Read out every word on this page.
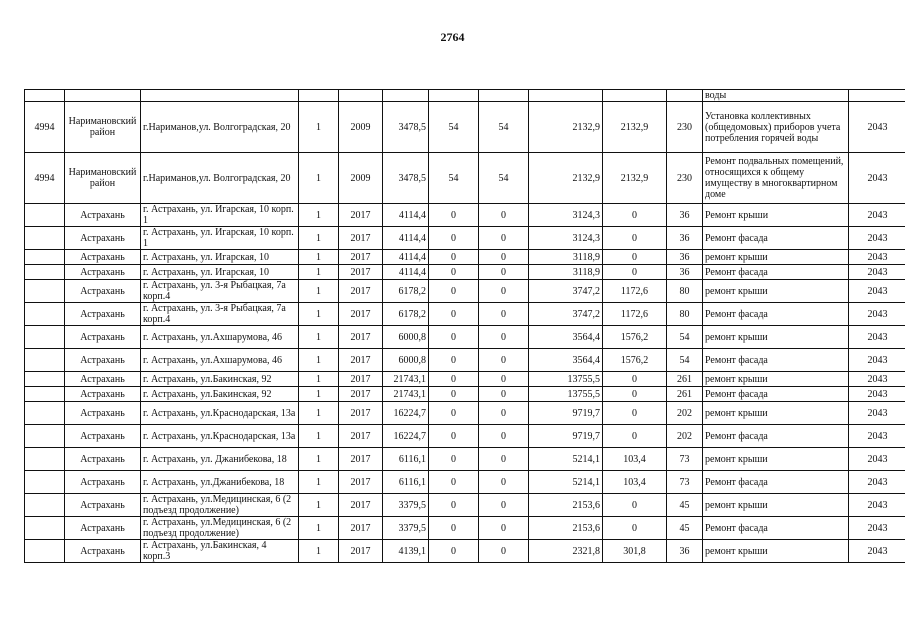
2764
											воды	
4994	Наримановский район	г.Нариманов,ул. Волгоградская, 20	1	2009	3478,5	54	54	2132,9	2132,9	230	Установка коллективных (общедомовых) приборов учета потребления горячей воды	2043
4994	Наримановский район	г.Нариманов,ул. Волгоградская, 20	1	2009	3478,5	54	54	2132,9	2132,9	230	Ремонт подвальных помещений, относящихся к общему имуществу в многоквартирном доме	2043
	Астрахань	г. Астрахань, ул. Игарская, 10 корп. 1	1	2017	4114,4	0	0	3124,3	0	36	Ремонт крыши	2043
	Астрахань	г. Астрахань, ул. Игарская, 10 корп. 1	1	2017	4114,4	0	0	3124,3	0	36	Ремонт фасада	2043
	Астрахань	г. Астрахань, ул. Игарская, 10	1	2017	4114,4	0	0	3118,9	0	36	ремонт крыши	2043
	Астрахань	г. Астрахань, ул. Игарская, 10	1	2017	4114,4	0	0	3118,9	0	36	Ремонт фасада	2043
	Астрахань	г. Астрахань, ул. 3-я Рыбацкая, 7а корп.4	1	2017	6178,2	0	0	3747,2	1172,6	80	ремонт крыши	2043
	Астрахань	г. Астрахань, ул. 3-я Рыбацкая, 7а корп.4	1	2017	6178,2	0	0	3747,2	1172,6	80	Ремонт фасада	2043
	Астрахань	г. Астрахань, ул.Ахшарумова, 46	1	2017	6000,8	0	0	3564,4	1576,2	54	ремонт крыши	2043
	Астрахань	г. Астрахань, ул.Ахшарумова, 46	1	2017	6000,8	0	0	3564,4	1576,2	54	Ремонт фасада	2043
	Астрахань	г. Астрахань, ул.Бакинская, 92	1	2017	21743,1	0	0	13755,5	0	261	ремонт крыши	2043
	Астрахань	г. Астрахань, ул.Бакинская, 92	1	2017	21743,1	0	0	13755,5	0	261	Ремонт фасада	2043
	Астрахань	г. Астрахань, ул.Краснодарская, 13а	1	2017	16224,7	0	0	9719,7	0	202	ремонт крыши	2043
	Астрахань	г. Астрахань, ул.Краснодарская, 13а	1	2017	16224,7	0	0	9719,7	0	202	Ремонт фасада	2043
	Астрахань	г. Астрахань, ул. Джанибекова, 18	1	2017	6116,1	0	0	5214,1	103,4	73	ремонт крыши	2043
	Астрахань	г. Астрахань, ул.Джанибекова, 18	1	2017	6116,1	0	0	5214,1	103,4	73	Ремонт фасада	2043
	Астрахань	г. Астрахань, ул.Медицинская, 6 (2 подъезд продолжение)	1	2017	3379,5	0	0	2153,6	0	45	ремонт крыши	2043
	Астрахань	г. Астрахань, ул.Медицинская, 6 (2 подъезд продолжение)	1	2017	3379,5	0	0	2153,6	0	45	Ремонт фасада	2043
	Астрахань	г. Астрахань, ул.Бакинская, 4 корп.3	1	2017	4139,1	0	0	2321,8	301,8	36	ремонт крыши	2043
